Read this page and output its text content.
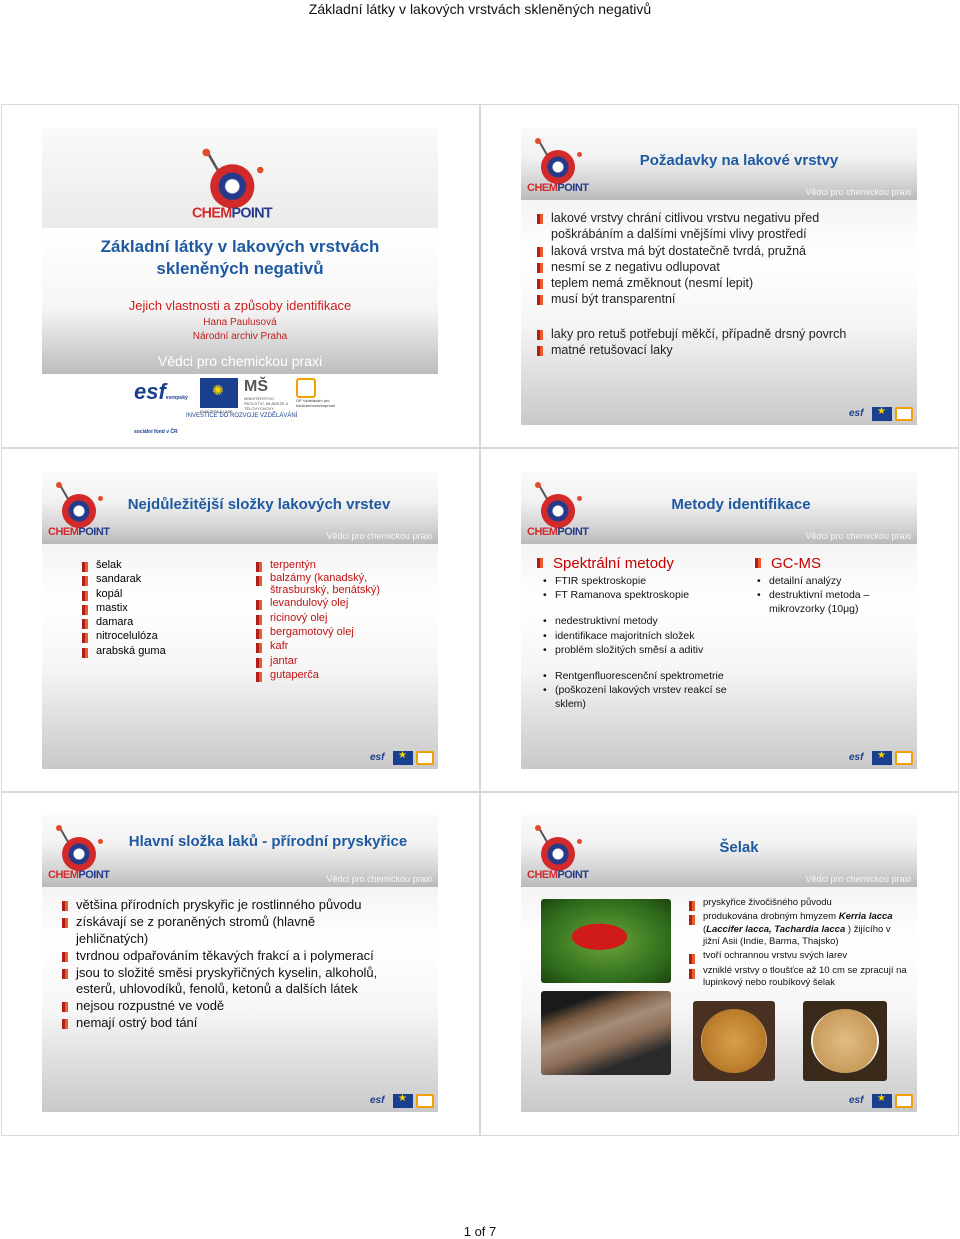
Základní látky v lakových vrstvách skleněných negativů
CHEMPOINT
Základní látky v lakových vrstvách skleněných negativů
Jejich vlastnosti a způsoby identifikace
Hana Paulusová
Národní archiv Praha
Vědci pro chemickou praxi
esfevropský sociální fond v ČR
✺
EVROPSKÁ UNIE
MŠ
MINISTERSTVO ŠKOLSTVÍ, MLÁDEŽE A TĚLOVÝCHOVY
OP Vzdělávání pro konkurenceschopnost
INVESTICE DO ROZVOJE VZDĚLÁVÁNÍ
Vědci pro chemickou praxi
CHEMPOINT
Požadavky na lakové vrstvy
lakové vrstvy chrání citlivou vrstvu negativu před poškrábáním a dalšími vnějšími vlivy prostředí
laková vrstva má být dostatečně tvrdá, pružná
nesmí se z negativu odlupovat
teplem nemá změknout (nesmí lepit)
musí být transparentní
laky pro retuš potřebují měkčí, případně drsný povrch
matné retušovací laky
esf
★
Vědci pro chemickou praxi
CHEMPOINT
Nejdůležitější složky lakových vrstev
šelak
sandarak
kopál
mastix
damara
nitrocelulóza
arabská guma
terpentýn
balzámy (kanadský, štrasburský, benátský)
levandulový olej
ricinový olej
bergamotový olej
kafr
jantar
gutaperča
esf
★
Vědci pro chemickou praxi
CHEMPOINT
Metody identifikace
Spektrální metody
• FTIR spektroskopie
• FT Ramanova spektroskopie
• nedestruktivní metody
• identifikace majoritních složek
• problém složitých směsí a aditiv
• Rentgenfluorescenční spektrometrie
• (poškození lakových vrstev reakcí se sklem)
GC-MS
• detailní analýzy
• destruktivní metoda – mikrovzorky (10μg)
esf
★
Vědci pro chemickou praxi
CHEMPOINT
Hlavní složka laků - přírodní pryskyřice
většina přírodních pryskyřic je rostlinného původu
získávají se z poraněných stromů (hlavně jehličnatých)
tvrdnou odpařováním těkavých frakcí a i polymerací
jsou to složité směsi pryskyřičných kyselin, alkoholů, esterů, uhlovodíků, fenolů, ketonů a dalších látek
nejsou rozpustné ve vodě
nemají ostrý bod tání
esf
★
Vědci pro chemickou praxi
CHEMPOINT
Šelak
pryskyřice živočišného původu
produkována drobným hmyzem Kerria lacca (Laccifer lacca, Tachardia lacca ) žijícího v jižní Asii (Indie, Barma, Thajsko)
tvoří ochrannou vrstvu svých larev
vzniklé vrstvy o tloušťce až 10 cm se zpracují na lupinkový nebo roubíkový šelak
esf
★
1 of 7
